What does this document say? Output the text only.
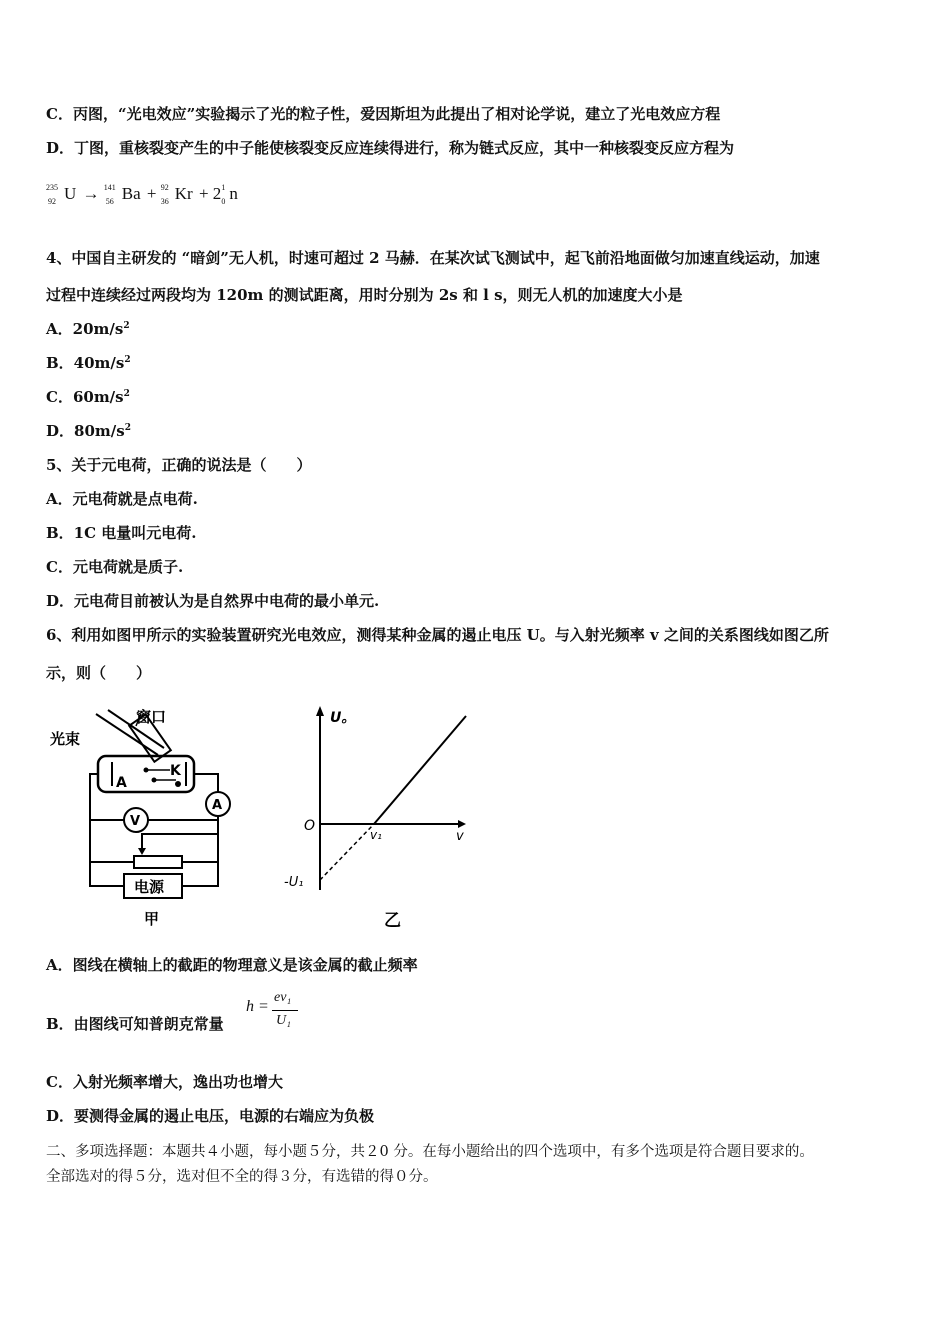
C．丙图，“光电效应”实验揭示了光的粒子性，爱因斯坦为此提出了相对论学说，建立了光电效应方程
D．丁图，重核裂变产生的中子能使核裂变反应连续得进行，称为链式反应，其中一种核裂变反应方程为
235
92 U → 141
56 Ba + 92
36 Kr + 2 1
0 n
4、中国自主研发的 “暗剑”无人机，时速可超过 2 马赫．在某次试飞测试中，起飞前沿地面做匀加速直线运动，加速
过程中连续经过两段均为 120m 的测试距离，用时分别为 2s 和 l s，则无人机的加速度大小是
A．$20m/s^2$
B．$40m/s^2$
C．$60m/s^2$
D．$80m/s^2$
5、关于元电荷，正确的说法是（　　）
A．元电荷就是点电荷.
B．1C 电量叫元电荷.
C．元电荷就是质子.
D．元电荷目前被认为是自然界中电荷的最小单元.
6、利用如图甲所示的实验装置研究光电效应，测得某种金属的遏止电压 U。与入射光频率 v 之间的关系图线如图乙所
示，则（　　）
A
K
窗口
光束
A
V
电源
甲
U。
v
O
v₁
-U₁
乙
A．图线在横轴上的截距的物理意义是该金属的截止频率
B．由图线可知普朗克常量
h =
ev₁
U₁
C．入射光频率增大，逸出功也增大
D．要测得金属的遏止电压，电源的右端应为负极
二、多项选择题：本题共４小题，每小题５分，共２0 分。在每小题给出的四个选项中，有多个选项是符合题目要求的。
全部选对的得５分，选对但不全的得３分，有选错的得０分。
